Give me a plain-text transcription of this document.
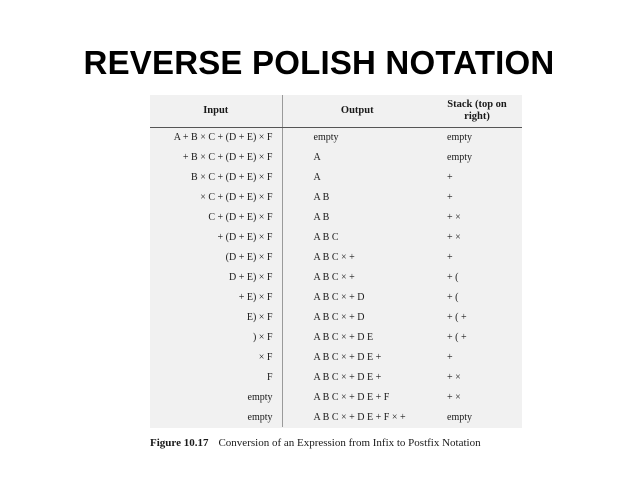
REVERSE POLISH NOTATION
Input	Output	Stack (top on
right)
A + B × C + (D + E) × F	empty	empty
+ B × C + (D + E) × F	A	empty
B × C + (D + E) × F	A	+
× C + (D + E) × F	A B	+
C + (D + E) × F	A B	+ ×
+ (D + E) × F	A B C	+ ×
(D + E) × F	A B C × +	+
D + E) × F	A B C × +	+ (
+ E) × F	A B C × + D	+ (
E) × F	A B C × + D	+ ( +
) × F	A B C × + D E	+ ( +
× F	A B C × + D E +	+
F	A B C × + D E +	+ ×
empty	A B C × + D E + F	+ ×
empty	A B C × + D E + F × +	empty
Figure 10.17 Conversion of an Expression from Infix to Postfix Notation
